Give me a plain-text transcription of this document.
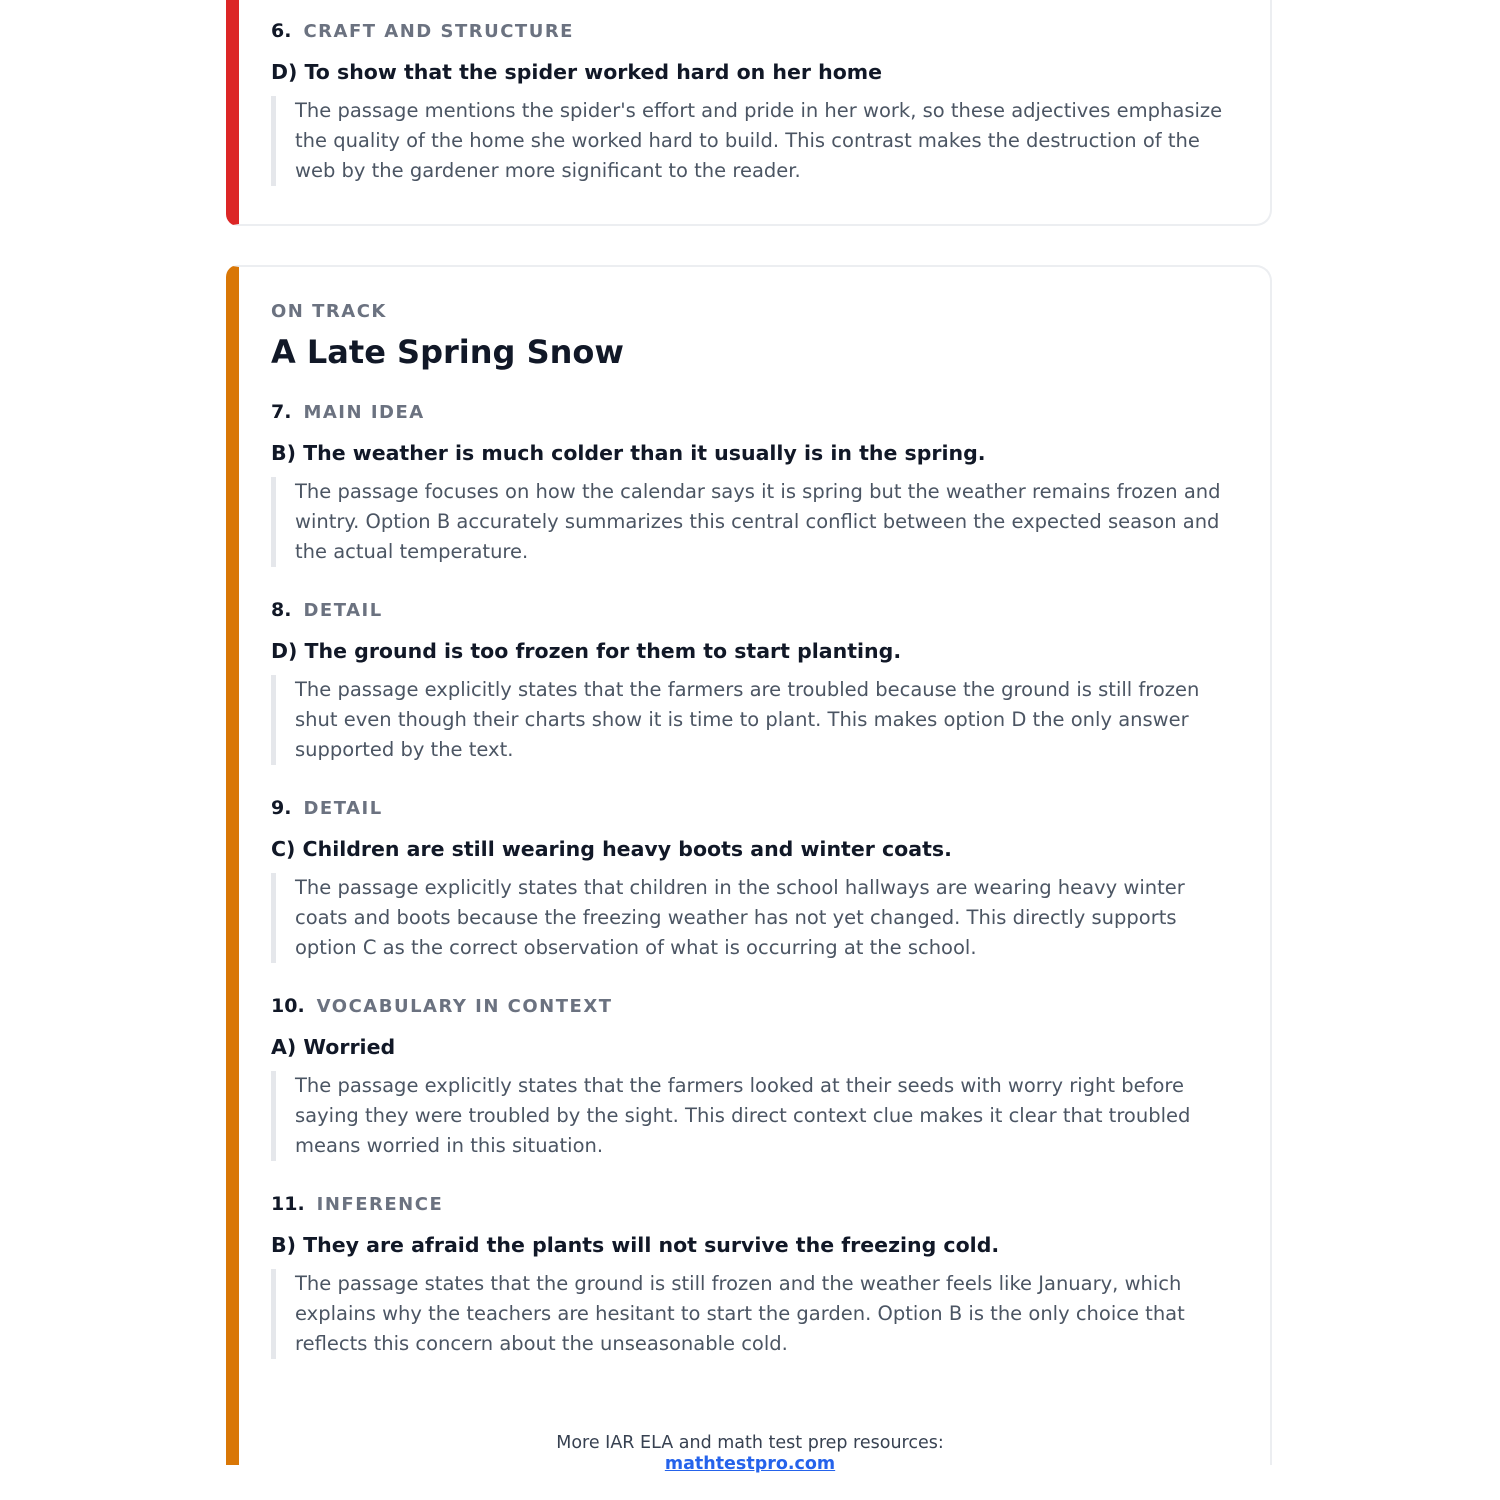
6. CRAFT AND STRUCTURE

D) To show that the spider worked hard on her home

The passage mentions the spider's effort and pride in her work, so these adjectives emphasize the quality of the home she worked hard to build. This contrast makes the destruction of the web by the gardener more significant to the reader.

ON TRACK
A Late Spring Snow
7. MAIN IDEA

B) The weather is much colder than it usually is in the spring.

The passage focuses on how the calendar says it is spring but the weather remains frozen and wintry. Option B accurately summarizes this central conflict between the expected season and the actual temperature.

8. DETAIL

D) The ground is too frozen for them to start planting.

The passage explicitly states that the farmers are troubled because the ground is still frozen shut even though their charts show it is time to plant. This makes option D the only answer supported by the text.

9. DETAIL

C) Children are still wearing heavy boots and winter coats.

The passage explicitly states that children in the school hallways are wearing heavy winter coats and boots because the freezing weather has not yet changed. This directly supports option C as the correct observation of what is occurring at the school.

10. VOCABULARY IN CONTEXT

A) Worried

The passage explicitly states that the farmers looked at their seeds with worry right before saying they were troubled by the sight. This direct context clue makes it clear that troubled means worried in this situation.

11. INFERENCE

B) They are afraid the plants will not survive the freezing cold.

The passage states that the ground is still frozen and the weather feels like January, which explains why the teachers are hesitant to start the garden. Option B is the only choice that reflects this concern about the unseasonable cold.

More IAR ELA and math test prep resources:
mathtestpro.com
